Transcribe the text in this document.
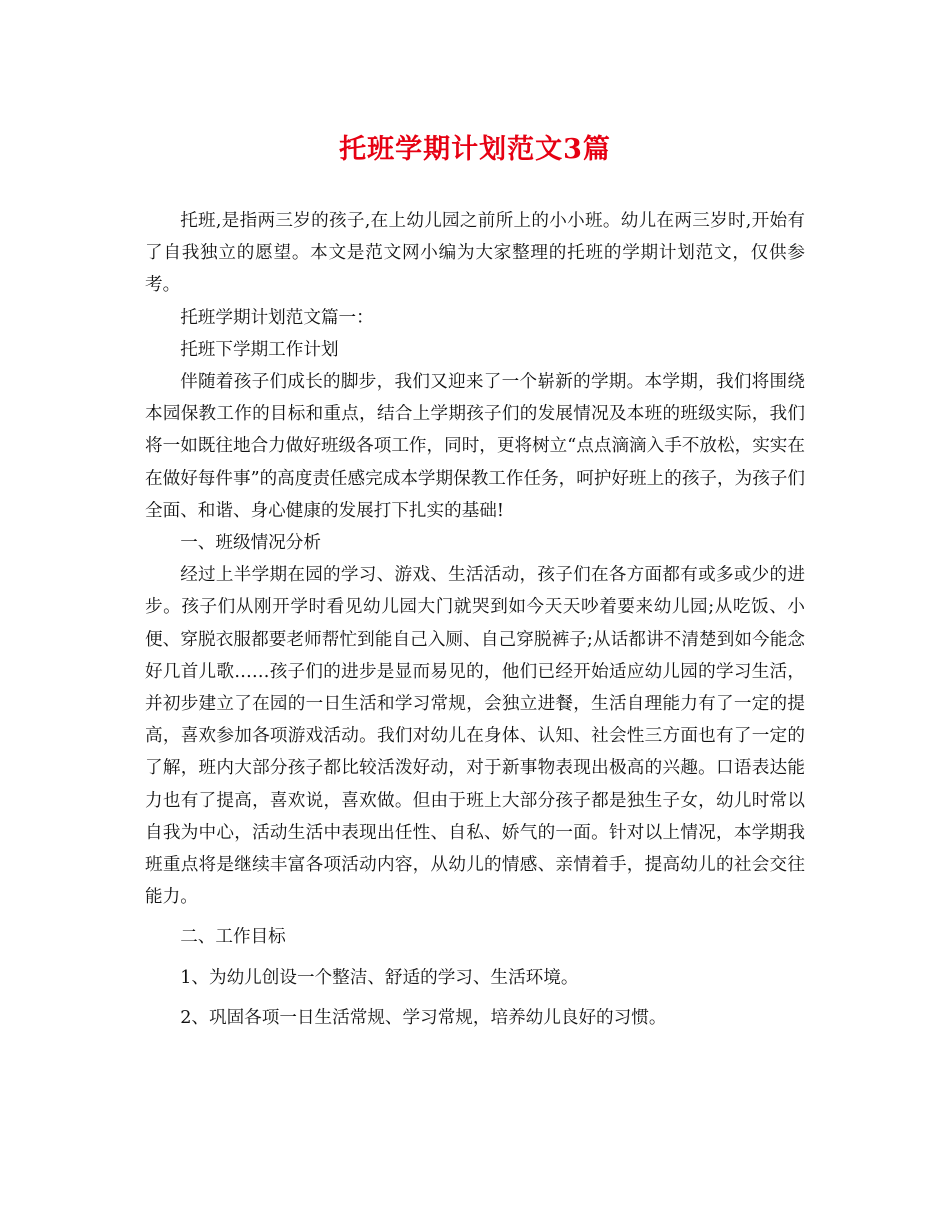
托班学期计划范文3篇

托班,是指两三岁的孩子,在上幼儿园之前所上的小小班。幼儿在两三岁时,开始有了自我独立的愿望。本文是范文网小编为大家整理的托班的学期计划范文，仅供参考。

托班学期计划范文篇一：

托班下学期工作计划

伴随着孩子们成长的脚步，我们又迎来了一个崭新的学期。本学期，我们将围绕本园保教工作的目标和重点，结合上学期孩子们的发展情况及本班的班级实际，我们将一如既往地合力做好班级各项工作，同时，更将树立“点点滴滴入手不放松，实实在在做好每件事”的高度责任感完成本学期保教工作任务，呵护好班上的孩子，为孩子们全面、和谐、身心健康的发展打下扎实的基础!

一、班级情况分析

经过上半学期在园的学习、游戏、生活活动，孩子们在各方面都有或多或少的进步。孩子们从刚开学时看见幼儿园大门就哭到如今天天吵着要来幼儿园;从吃饭、小便、穿脱衣服都要老师帮忙到能自己入厕、自己穿脱裤子;从话都讲不清楚到如今能念好几首儿歌……孩子们的进步是显而易见的，他们已经开始适应幼儿园的学习生活，并初步建立了在园的一日生活和学习常规，会独立进餐，生活自理能力有了一定的提高，喜欢参加各项游戏活动。我们对幼儿在身体、认知、社会性三方面也有了一定的了解，班内大部分孩子都比较活泼好动，对于新事物表现出极高的兴趣。口语表达能力也有了提高，喜欢说，喜欢做。但由于班上大部分孩子都是独生子女，幼儿时常以自我为中心，活动生活中表现出任性、自私、娇气的一面。针对以上情况，本学期我班重点将是继续丰富各项活动内容，从幼儿的情感、亲情着手，提高幼儿的社会交往能力。

二、工作目标

1、为幼儿创设一个整洁、舒适的学习、生活环境。

2、巩固各项一日生活常规、学习常规，培养幼儿良好的习惯。
